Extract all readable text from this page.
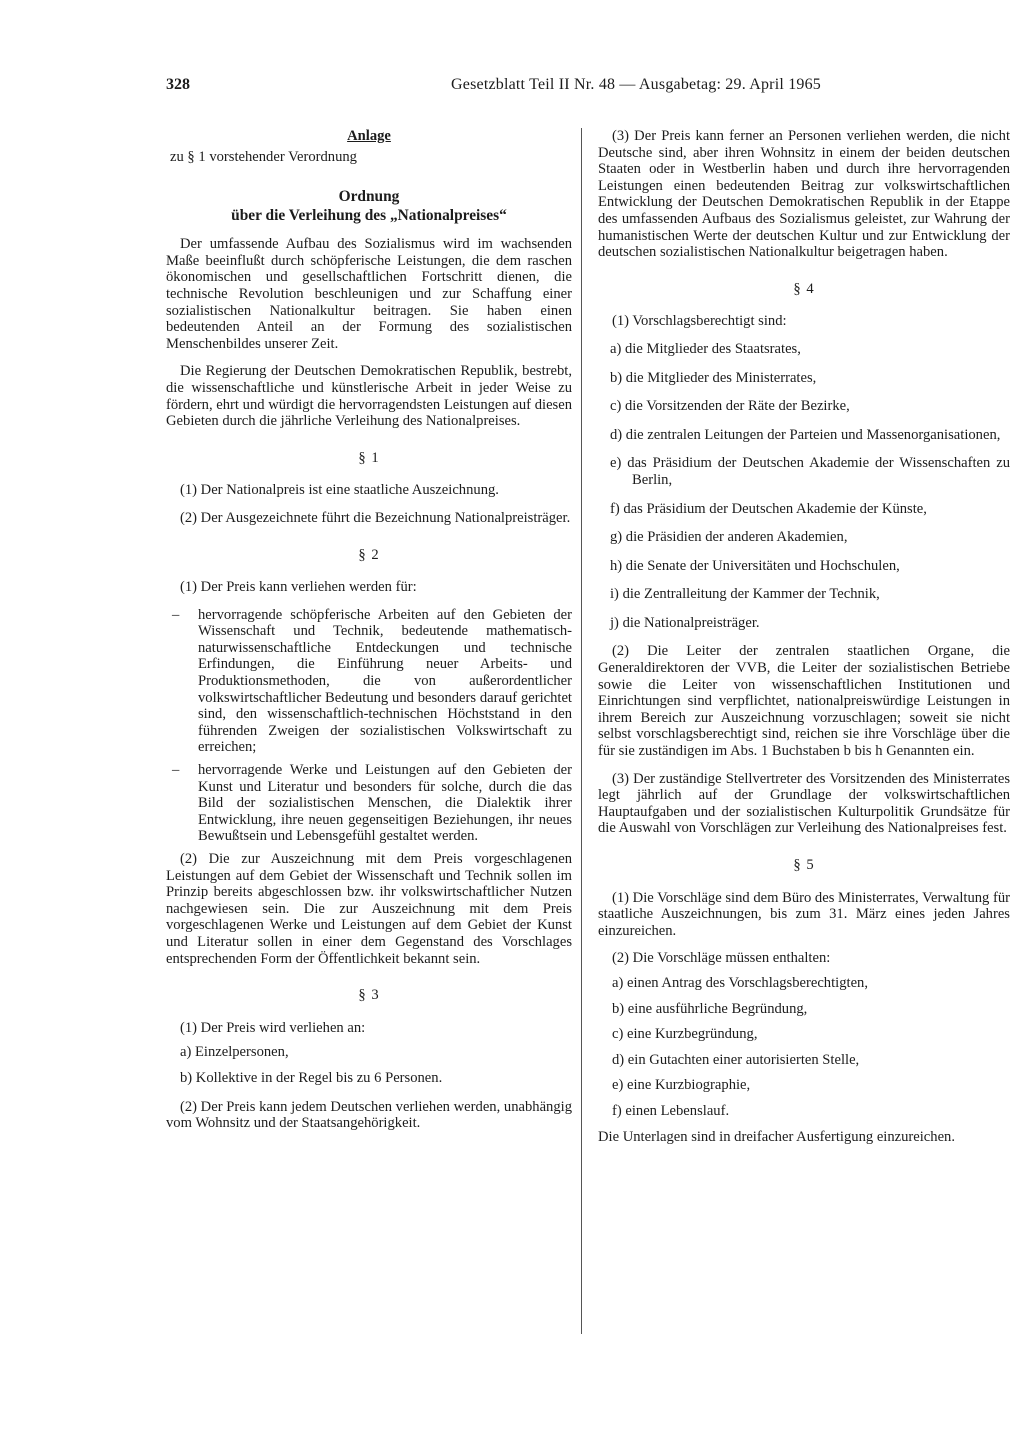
328	Gesetzblatt Teil II Nr. 48 — Ausgabetag: 29. April 1965
Anlage
zu § 1 vorstehender Verordnung
Ordnung
über die Verleihung des „Nationalpreises“

Der umfassende Aufbau des Sozialismus wird im wachsenden Maße beeinflußt durch schöpferische Leistungen, die dem raschen ökonomischen und gesellschaftlichen Fortschritt dienen, die technische Revolution beschleunigen und zur Schaffung einer sozialistischen Nationalkultur beitragen. Sie haben einen bedeutenden Anteil an der Formung des sozialistischen Menschenbildes unserer Zeit.

Die Regierung der Deutschen Demokratischen Republik, bestrebt, die wissenschaftliche und künstlerische Arbeit in jeder Weise zu fördern, ehrt und würdigt die hervorragendsten Leistungen auf diesen Gebieten durch die jährliche Verleihung des Nationalpreises.

§ 1

(1) Der Nationalpreis ist eine staatliche Auszeichnung.

(2) Der Ausgezeichnete führt die Bezeichnung Nationalpreisträger.

§ 2

(1) Der Preis kann verliehen werden für:

–	hervorragende schöpferische Arbeiten auf den Gebieten der Wissenschaft und Technik, bedeutende mathematisch-naturwissenschaftliche Entdeckungen und technische Erfindungen, die Einführung neuer Arbeits- und Produktionsmethoden, die von außerordentlicher volkswirtschaftlicher Bedeutung und besonders darauf gerichtet sind, den wissenschaftlich-technischen Höchststand in den führenden Zweigen der sozialistischen Volkswirtschaft zu erreichen;
–	hervorragende Werke und Leistungen auf den Gebieten der Kunst und Literatur und besonders für solche, durch die das Bild der sozialistischen Menschen, die Dialektik ihrer Entwicklung, ihre neuen gegenseitigen Beziehungen, ihr neues Bewußtsein und Lebensgefühl gestaltet werden.

(2) Die zur Auszeichnung mit dem Preis vorgeschlagenen Leistungen auf dem Gebiet der Wissenschaft und Technik sollen im Prinzip bereits abgeschlossen bzw. ihr volkswirtschaftlicher Nutzen nachgewiesen sein. Die zur Auszeichnung mit dem Preis vorgeschlagenen Werke und Leistungen auf dem Gebiet der Kunst und Literatur sollen in einer dem Gegenstand des Vorschlages entsprechenden Form der Öffentlichkeit bekannt sein.

§ 3

(1) Der Preis wird verliehen an:

a) Einzelpersonen,
b) Kollektive in der Regel bis zu 6 Personen.

(2) Der Preis kann jedem Deutschen verliehen werden, unabhängig vom Wohnsitz und der Staatsangehörigkeit.

(3) Der Preis kann ferner an Personen verliehen werden, die nicht Deutsche sind, aber ihren Wohnsitz in einem der beiden deutschen Staaten oder in Westberlin haben und durch ihre hervorragenden Leistungen einen bedeutenden Beitrag zur volkswirtschaftlichen Entwicklung der Deutschen Demokratischen Republik in der Etappe des umfassenden Aufbaus des Sozialismus geleistet, zur Wahrung der humanistischen Werte der deutschen Kultur und zur Entwicklung der deutschen sozialistischen Nationalkultur beigetragen haben.

§ 4

(1) Vorschlagsberechtigt sind:

a) die Mitglieder des Staatsrates,
b) die Mitglieder des Ministerrates,
c) die Vorsitzenden der Räte der Bezirke,
d) die zentralen Leitungen der Parteien und Massenorganisationen,
e) das Präsidium der Deutschen Akademie der Wissenschaften zu Berlin,
f) das Präsidium der Deutschen Akademie der Künste,
g) die Präsidien der anderen Akademien,
h) die Senate der Universitäten und Hochschulen,
i) die Zentralleitung der Kammer der Technik,
j) die Nationalpreisträger.

(2) Die Leiter der zentralen staatlichen Organe, die Generaldirektoren der VVB, die Leiter der sozialistischen Betriebe sowie die Leiter von wissenschaftlichen Institutionen und Einrichtungen sind verpflichtet, nationalpreiswürdige Leistungen in ihrem Bereich zur Auszeichnung vorzuschlagen; soweit sie nicht selbst vorschlagsberechtigt sind, reichen sie ihre Vorschläge über die für sie zuständigen im Abs. 1 Buchstaben b bis h Genannten ein.

(3) Der zuständige Stellvertreter des Vorsitzenden des Ministerrates legt jährlich auf der Grundlage der volkswirtschaftlichen Hauptaufgaben und der sozialistischen Kulturpolitik Grundsätze für die Auswahl von Vorschlägen zur Verleihung des Nationalpreises fest.

§ 5

(1) Die Vorschläge sind dem Büro des Ministerrates, Verwaltung für staatliche Auszeichnungen, bis zum 31. März eines jeden Jahres einzureichen.

(2) Die Vorschläge müssen enthalten:

a) einen Antrag des Vorschlagsberechtigten,
b) eine ausführliche Begründung,
c) eine Kurzbegründung,
d) ein Gutachten einer autorisierten Stelle,
e) eine Kurzbiographie,
f) einen Lebenslauf.

Die Unterlagen sind in dreifacher Ausfertigung einzureichen.
